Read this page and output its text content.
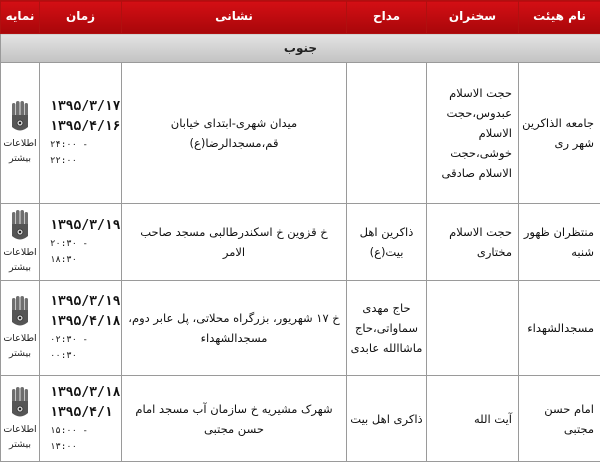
نام هیئت	سخنران	مداح	نشانی	زمان	نمایه
جنوب					
جامعه الذاکرین شهر ری	حجت الاسلام عبدوس،حجت الاسلام خوشی،حجت الاسلام صادقی		میدان شهری-ابتدای خیابان قم،مسجدالرضا(ع)	۱۳۹۵/۳/۱۷
۱۳۹۵/۴/۱۶
۲۴:۰۰ - ۲۲:۰۰	اطلاعات
بیشتر

منتظران ظهور شنبه	حجت الاسلام مختاری	ذاکرین اهل بیت(ع)	خ قزوین خ اسکندرطالبی مسجد صاحب الامر	۱۳۹۵/۳/۱۹
۲۰:۳۰ - ۱۸:۳۰	اطلاعات
بیشتر

مسجدالشهداء		حاج مهدی سماواتی،حاج ماشاالله عابدی	خ ۱۷ شهریور، بزرگراه محلاتی، پل عابر دوم، مسجدالشهداء	۱۳۹۵/۳/۱۹
۱۳۹۵/۴/۱۸
۰۲:۳۰ - ۰۰:۳۰	اطلاعات
بیشتر

امام حسن مجتبی	آیت الله	ذاکری اهل بیت	شهرک مشیریه خ سازمان آب مسجد امام حسن مجتبی	۱۳۹۵/۳/۱۸
۱۳۹۵/۴/۱
۱۵:۰۰ - ۱۳:۰۰	اطلاعات
بیشتر
